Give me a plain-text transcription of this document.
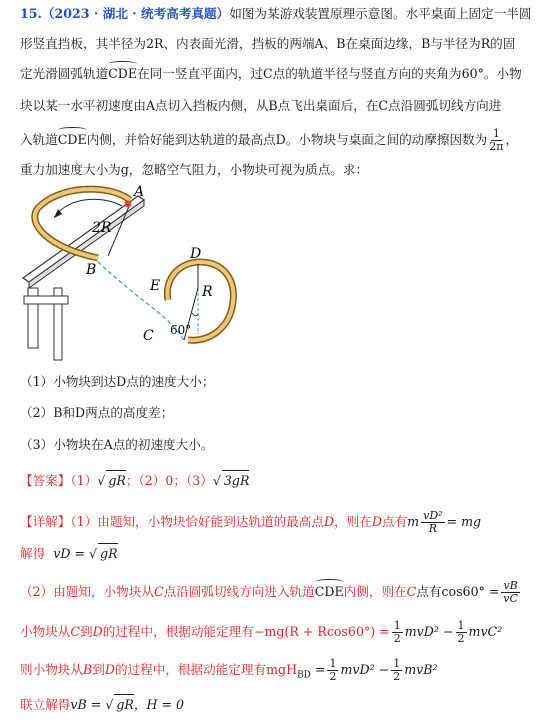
15.（2023 · 湖北 · 统考高考真题）如图为某游戏装置原理示意图。水平桌面上固定一半圆
形竖直挡板，其半径为2R、内表面光滑，挡板的两端A、B在桌面边缘，B与半径为R的固
定光滑圆弧轨道CDE在同一竖直平面内，过C点的轨道半径与竖直方向的夹角为60°。小物
块以某一水平初速度由A点切入挡板内侧，从B点飞出桌面后，在C点沿圆弧切线方向进
入轨道CDE内侧，并恰好能到达轨道的最高点D。小物块与桌面之间的动摩擦因数为 $\frac{1}{2\pi}$ ，
重力加速度大小为g，忽略空气阻力，小物块可视为质点。求：
A
2R
B
D
E	R
C 60°
（1）小物块到达D点的速度大小；
（2）B和D两点的高度差；
（3）小物块在A点的初速度大小。
【答案】（1）√ gR；（2）0；（3）√ 3gR
【详解】（1）由题知，小物块恰好能到达轨道的最高点D，则在D点有m $\frac{\text{vD²}}{R}$ = mg
解得 vD = √ gR
（2）由题知，小物块从C点沿圆弧切线方向进入轨道CDE内侧，则在C点有$\cos 60^\circ = \frac{vB}{vC}$
小物块从C到D的过程中，根据动能定理有$-mg(R + Rcos60^\circ) = \frac{1}{2} mvD^2 - \frac{1}{2} mvC^2$
则小物块从B到D的过程中，根据动能定理有$mgH_{BD} = \frac{1}{2} mvD^2 - \frac{1}{2} mvB^2$
联立解得vB = √ gR，H = 0
